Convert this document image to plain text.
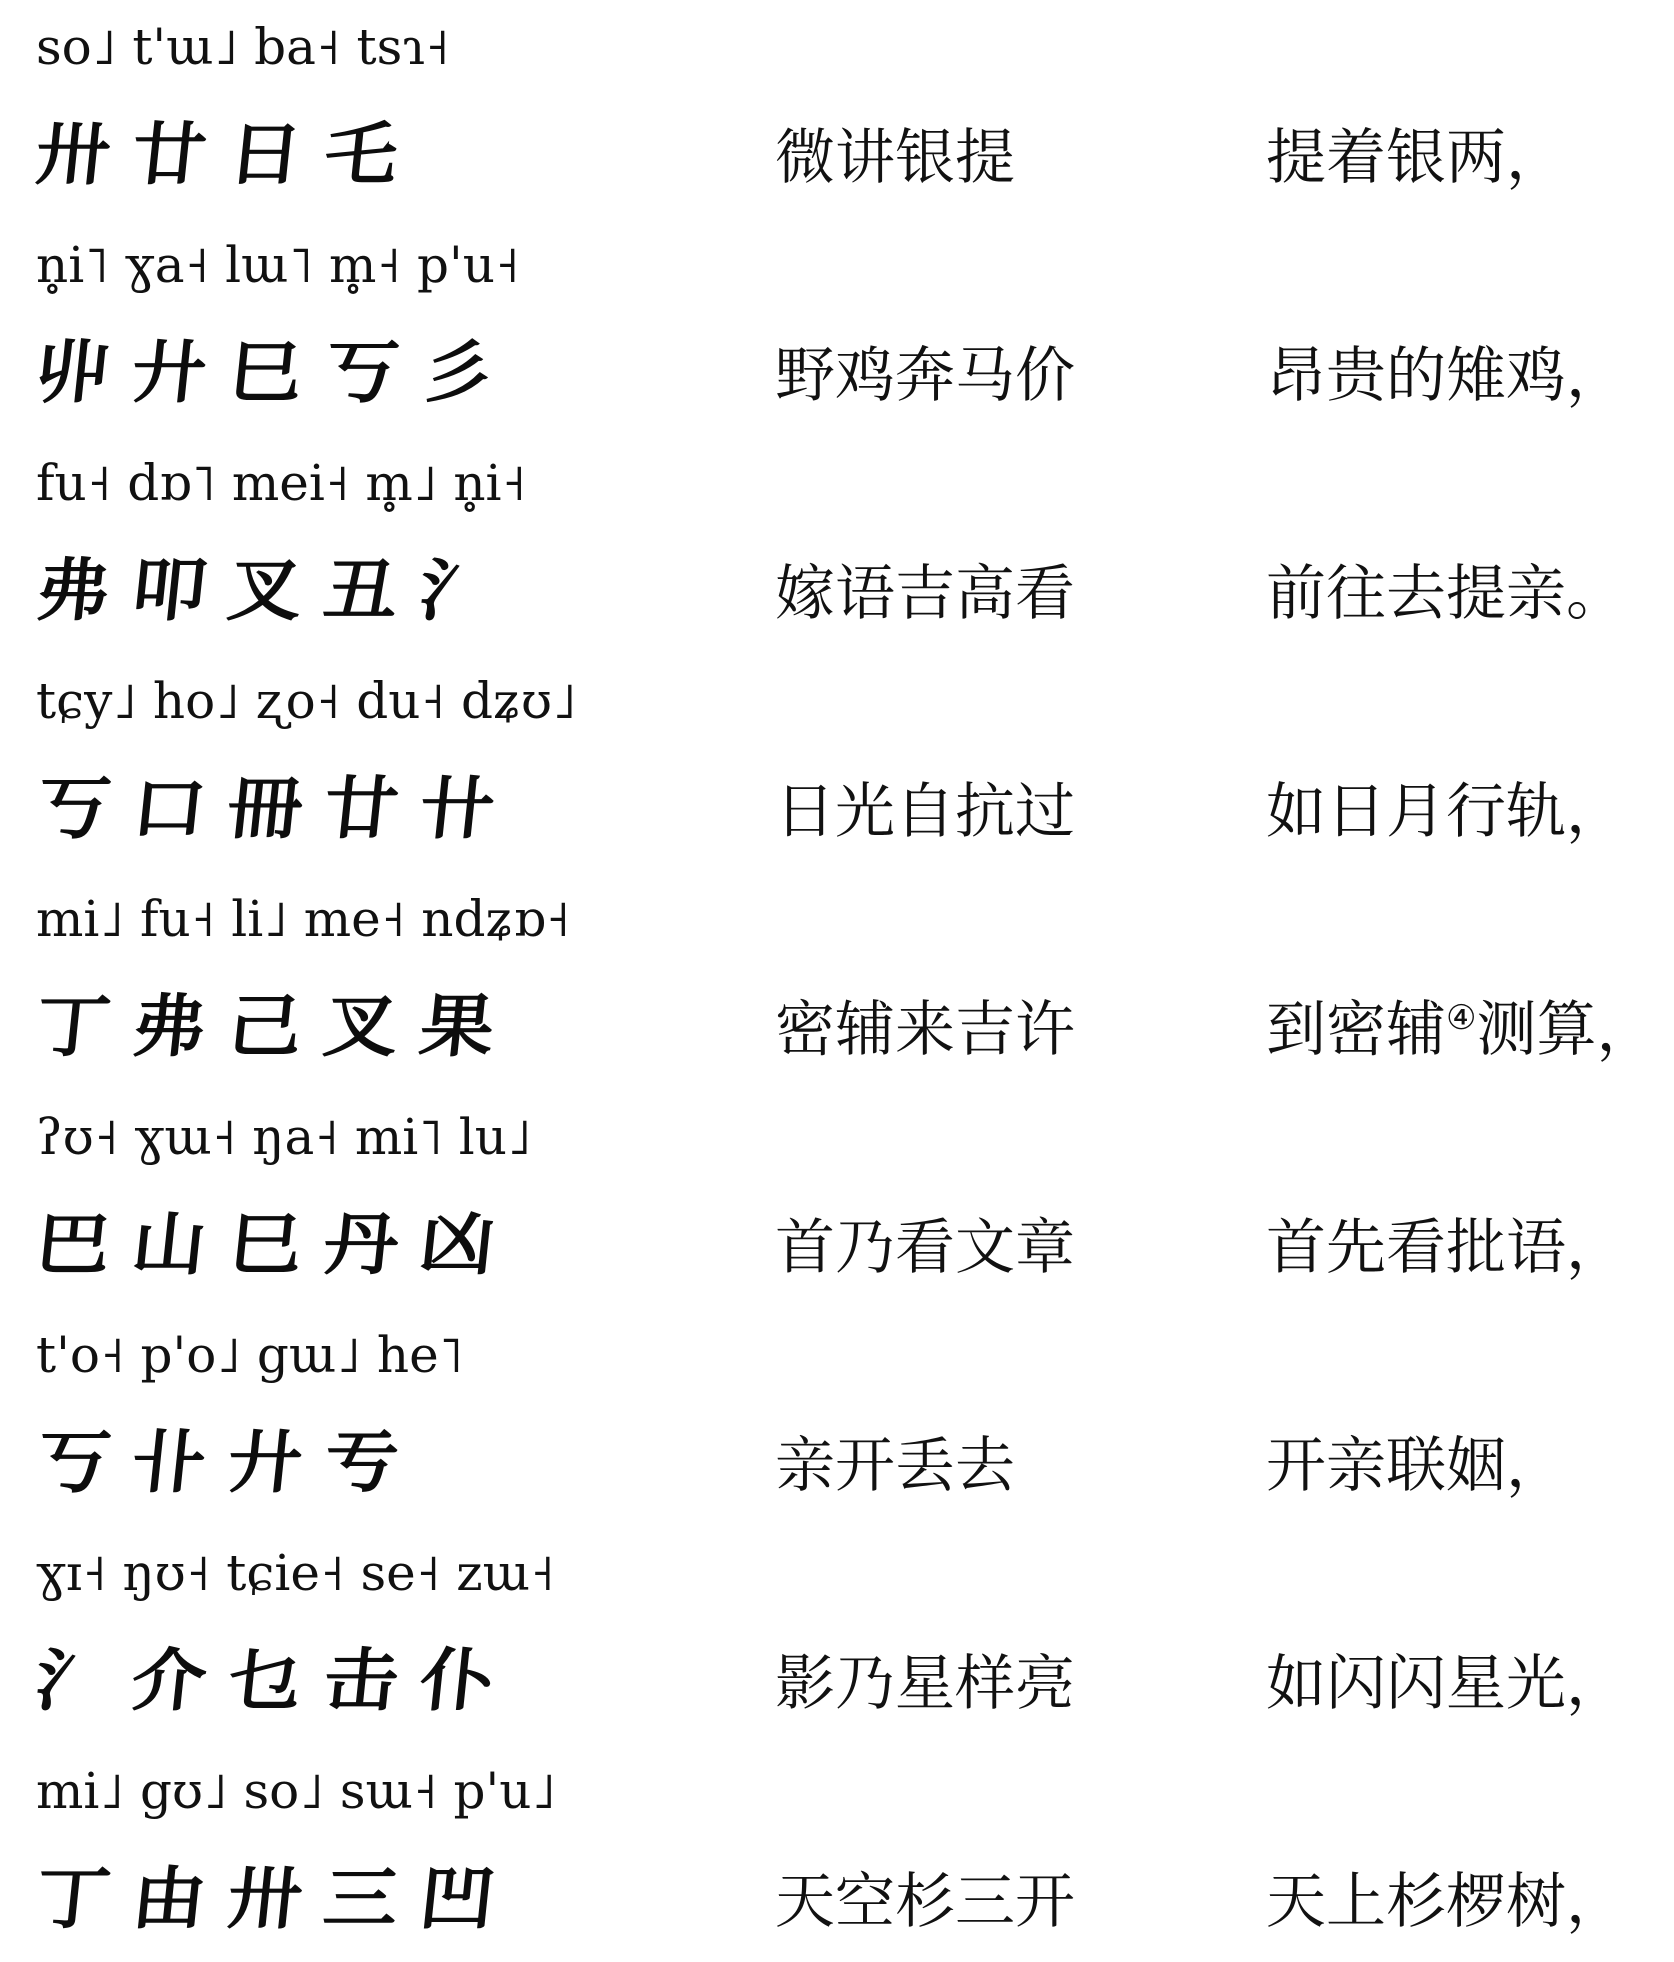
so˩ t'ɯ˩ ba˧ tsɿ˧
卅 廿 日 乇	微讲银提	提着银两，
n̥i˥ ɣa˧ lɯ˥ m̥˧ p'u˧
丱 廾 巳 丂 彡	野鸡奔马价	昂贵的雉鸡，
fu˧ dɒ˥ mei˧ m̥˩ n̥i˧
弗 叩 叉 丑 氵	嫁语吉高看	前往去提亲。
tɕy˩ ho˩ ʐo˧ du˧ dʑʊ˩
丂 口 冊 廿 卄	日光自抗过	如日月行轨，
mi˩ fu˧ li˩ me˧ ndʑɒ˧
丁 弗 己 叉 果	密辅来吉许	到密辅④测算，
ʔʊ˧ ɣɯ˧ ŋa˧ mi˥ lu˩
巴 山 巳 丹 凶	首乃看文章	首先看批语，
t'o˧ p'o˩ gɯ˩ he˥
丂 卝 廾 亐	亲开丢去	开亲联姻，
ɣɪ˧ ŋʊ˧ tɕie˧ se˧ zɯ˧
氵 介 乜 击 仆	影乃星样亮	如闪闪星光，
mi˩ gʊ˩ so˩ sɯ˧ p'u˩
丁 由 卅 三 凹	天空杉三开	天上杉椤树，
